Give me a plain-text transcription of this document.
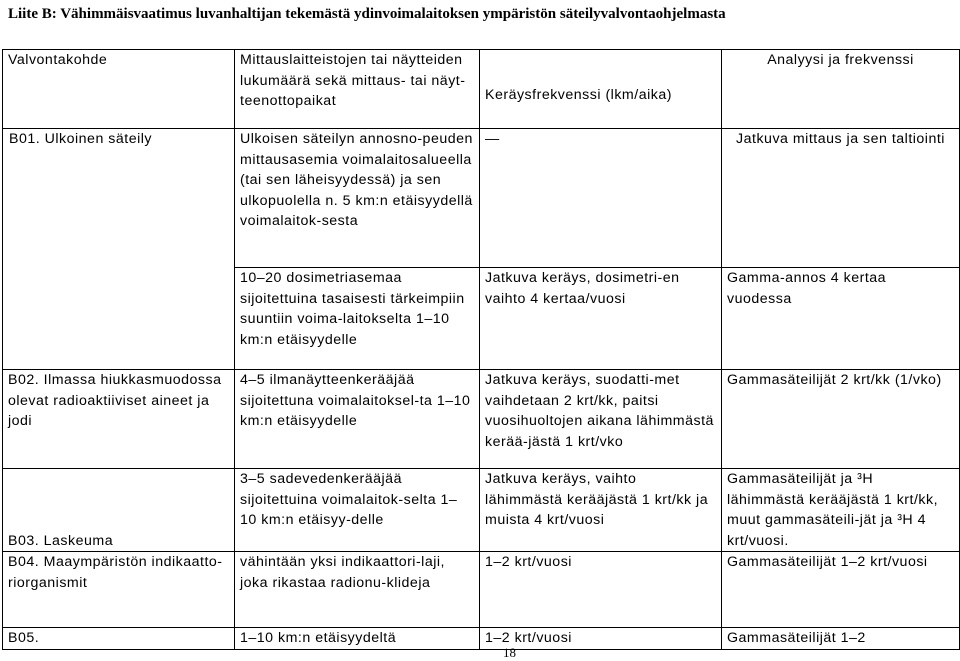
Liite B: Vähimmäisvaatimus luvanhaltijan tekemästä ydinvoimalaitoksen ympäristön säteilyvalvontaohjelmasta
Valvontakohde	Mittauslaitteistojen tai näytteiden lukumäärä sekä mittaus- tai näyt-teenottopaikat	Keräysfrekvenssi (lkm/aika)	Analyysi ja frekvenssi

B01. Ulkoinen säteily	Ulkoisen säteilyn annosno-peuden mittausasemia voimalaitosalueella (tai sen läheisyydessä) ja sen ulkopuolella n. 5 km:n etäisyydellä voimalaitok-sesta	—	Jatkuva mittaus ja sen taltiointi
	10–20 dosimetriasemaa sijoitettuina tasaisesti tärkeimpiin suuntiin voima-laitokselta 1–10 km:n etäisyydelle	Jatkuva keräys, dosimetri-en vaihto 4 kertaa/vuosi	Gamma-annos 4 kertaa vuodessa
B02. Ilmassa hiukkasmuodossa olevat radioaktiiviset aineet ja jodi	4–5 ilmanäytteenkerääjää sijoitettuna voimalaitoksel-ta 1–10 km:n etäisyydelle	Jatkuva keräys, suodatti-met vaihdetaan 2 krt/kk, paitsi vuosihuoltojen aikana lähimmästä kerää-jästä 1 krt/vko	Gammasäteilijät 2 krt/kk (1/vko)
B03. Laskeuma	3–5 sadevedenkerääjää sijoitettuina voimalaitok-selta 1–10 km:n etäisyy-delle	Jatkuva keräys, vaihto lähimmästä kerääjästä 1 krt/kk ja muista 4 krt/vuosi	Gammasäteilijät ja ³H lähimmästä kerääjästä 1 krt/kk, muut gammasäteili-jät ja ³H 4 krt/vuosi.
B04. Maaympäristön indikaatto-riorganismit	vähintään yksi indikaattori-laji, joka rikastaa radionu-klideja	1–2 krt/vuosi	Gammasäteilijät 1–2 krt/vuosi
B05.	1–10 km:n etäisyydeltä	1–2 krt/vuosi	Gammasäteilijät 1–2
18
